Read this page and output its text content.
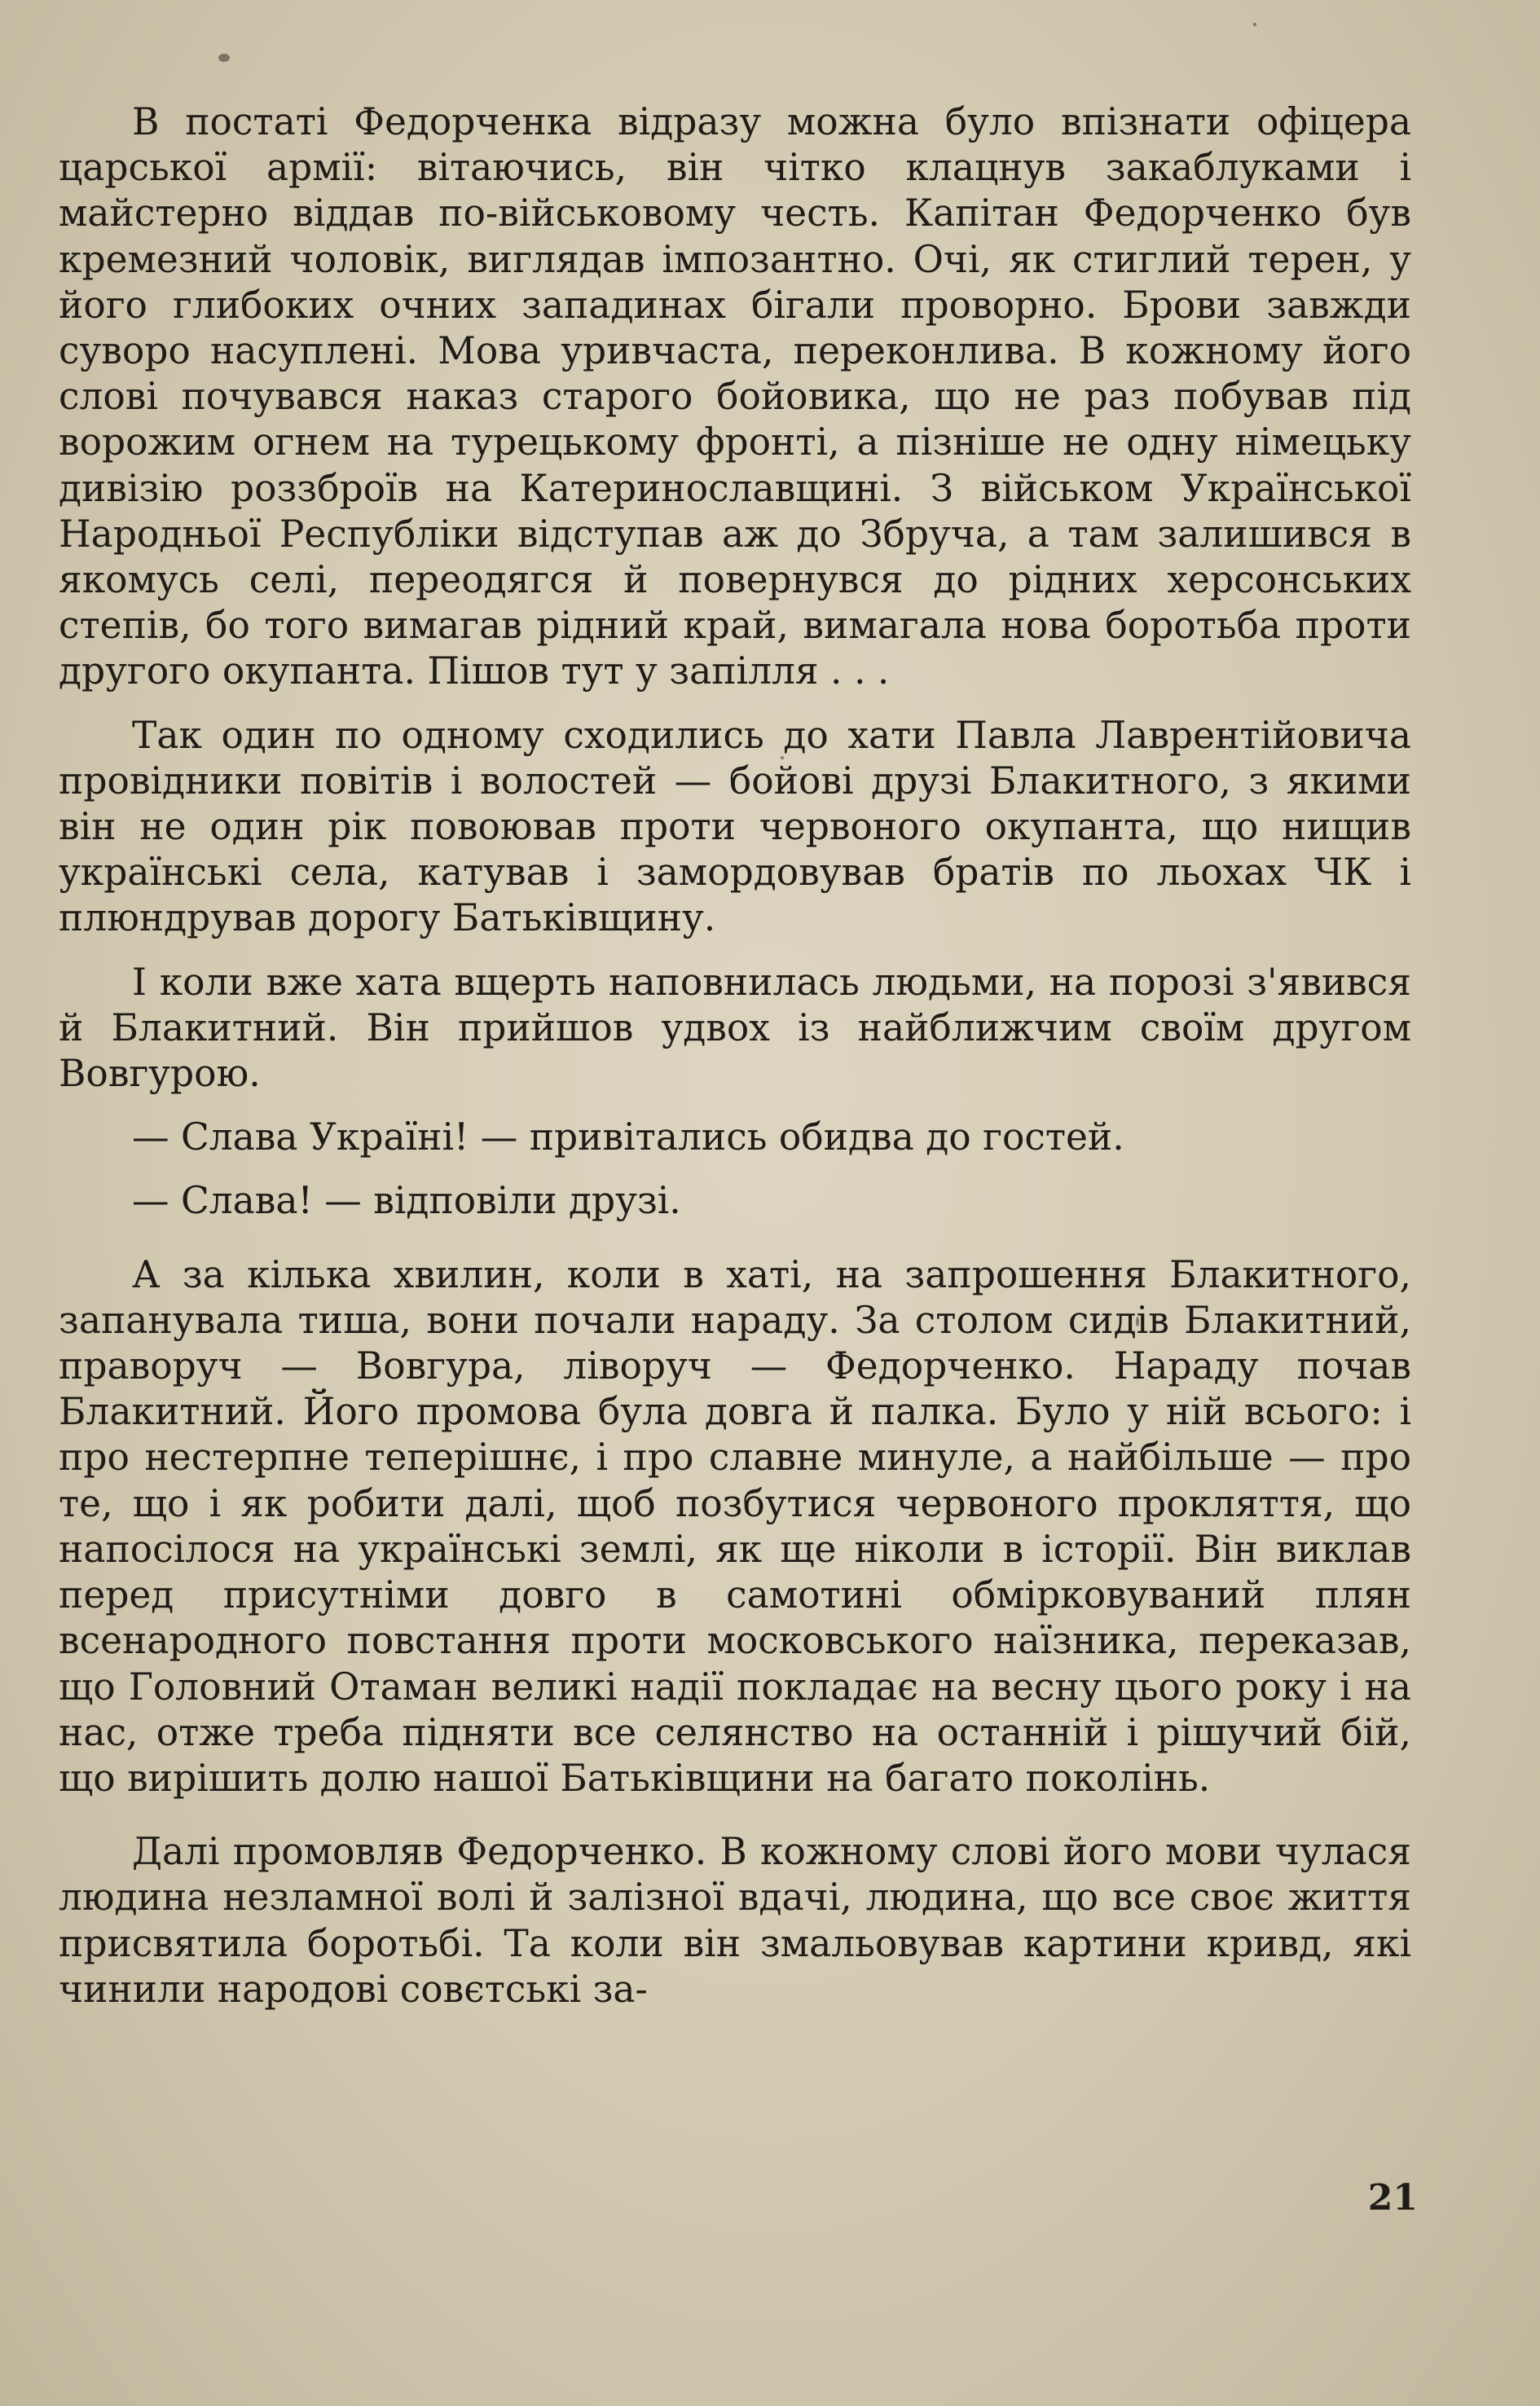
В постаті Федорченка відразу можна було впізнати офіцера царської армії: вітаючись, він чітко клацнув закаблуками і майстерно віддав по-військовому честь. Капітан Федорченко був кремезний чоловік, виглядав імпозантно. Очі, як стиглий терен, у його глибоких очних западинах бігали проворно. Брови завжди суворо насуплені. Мова уривчаста, переконлива. В кожному його слові почувався наказ старого бойовика, що не раз побував під ворожим огнем на турецькому фронті, а пізніше не одну німецьку дивізію роззброїв на Катеринославщині. З військом Української Народньої Республіки відступав аж до Збруча, а там залишився в якомусь селі, переодягся й повернувся до рідних херсонських степів, бо того вимагав рідний край, вимагала нова боротьба проти другого окупанта. Пішов тут у запілля . . .

Так один по одному сходились до хати Павла Лаврентійовича провідники повітів і волостей — бойові друзі Блакитного, з якими він не один рік повоював проти червоного окупанта, що нищив українські села, катував і замордовував братів по льохах ЧК і плюндрував дорогу Батьківщину.

І коли вже хата вщерть наповнилась людьми, на порозі з'явився й Блакитний. Він прийшов удвох із найближчим своїм другом Вовгурою.

— Слава Україні! — привітались обидва до гостей.

— Слава! — відповіли друзі.

А за кілька хвилин, коли в хаті, на запрошення Блакитного, запанувала тиша, вони почали нараду. За столом сидів Блакитний, праворуч — Вовгура, ліворуч — Федорченко. Нараду почав Блакитний. Його промова була довга й палка. Було у ній всього: і про нестерпне теперішнє, і про славне минуле, а найбільше — про те, що і як робити далі, щоб позбутися червоного прокляття, що напосілося на українські землі, як ще ніколи в історії. Він виклав перед присутніми довго в самотині обмірковуваний плян всенародного повстання проти московського наїзника, переказав, що Головний Отаман великі надії покладає на весну цього року і на нас, отже треба підняти все селянство на останній і рішучий бій, що вирішить долю нашої Батьківщини на багато поколінь.

Далі промовляв Федорченко. В кожному слові його мови чулася людина незламної волі й залізної вдачі, людина, що все своє життя присвятила боротьбі. Та коли він змальовував картини кривд, які чинили народові совєтські за-

21
